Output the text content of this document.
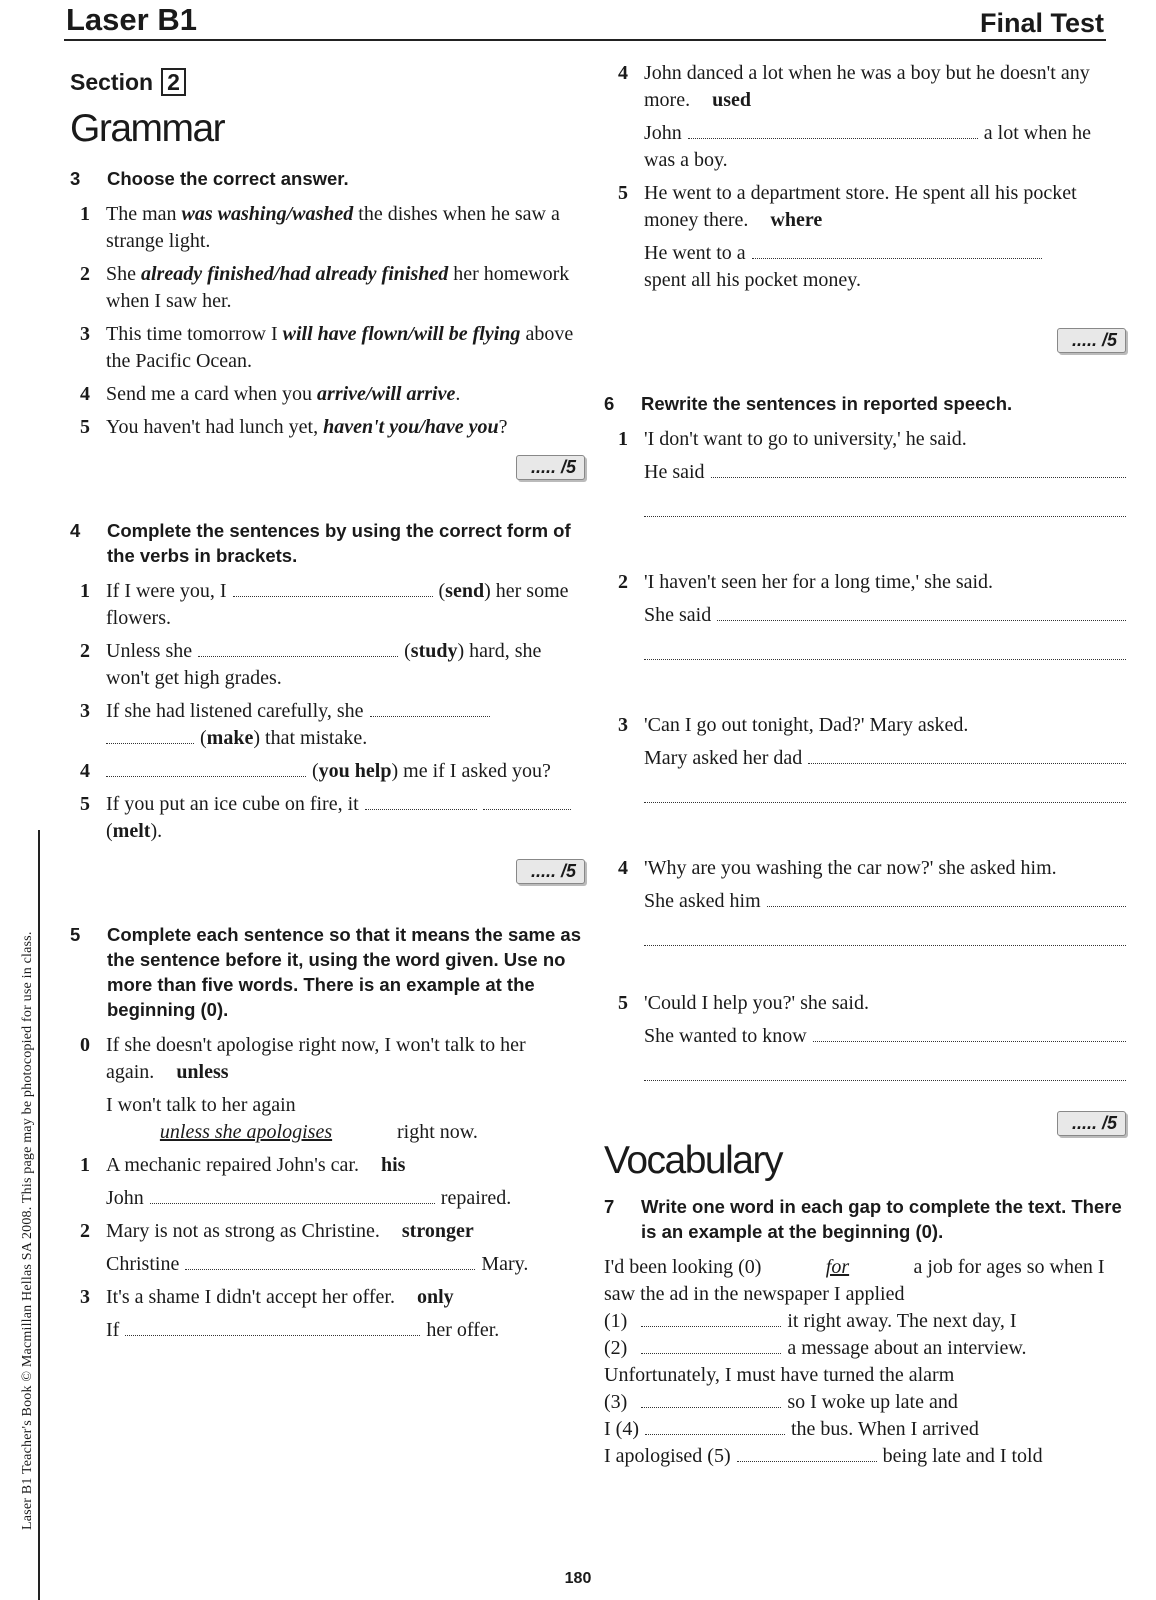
Laser B1	Final Test
Laser B1 Teacher's Book © Macmillan Hellas SA 2008. This page may be photocopied for use in class.
Section 2
Grammar
3	Choose the correct answer.
1 The man was washing/washed the dishes when he saw a strange light.
2 She already finished/had already finished her homework when I saw her.
3 This time tomorrow I will have flown/will be flying above the Pacific Ocean.
4 Send me a card when you arrive/will arrive.
5 You haven't had lunch yet, haven't you/have you?
..... /5
4	Complete the sentences by using the correct form of the verbs in brackets.
1 If I were you, I	(send) her some flowers.
2 Unless she	(study) hard, she won't get high grades.
3 If she had listened carefully, she(make) that mistake.
4	(you help) me if I asked you?
5 If you put an ice cube on fire, it(melt).
..... /5
5	Complete each sentence so that it means the same as the sentence before it, using the word given. Use no more than five words. There is an example at the beginning (0).
0 If she doesn't apologise right now, I won't talk to her again. unless
I won't talk to her again
unless she apologises	right now.
1 A mechanic repaired John's car. his
John	repaired.
2 Mary is not as strong as Christine. stronger
Christine	Mary.
3 It's a shame I didn't accept her offer. only
If	her offer.
4 John danced a lot when he was a boy but he doesn't any more. used
John	a lot when he was a boy.
5 He went to a department store. He spent all his pocket money there. where
He went to a
spent all his pocket money.
..... /5
6	Rewrite the sentences in reported speech.
1 'I don't want to go to university,' he said.
He said
2 'I haven't seen her for a long time,' she said.
She said
3 'Can I go out tonight, Dad?' Mary asked.
Mary asked her dad
4 'Why are you washing the car now?' she asked him.
She asked him
5 'Could I help you?' she said.
She wanted to know
..... /5
Vocabulary
7	Write one word in each gap to complete the text. There is an example at the beginning (0).
I'd been looking (0)	for	a job for ages so when I saw the ad in the newspaper I applied
(1)	it right away. The next day, I
(2)	a message about an interview. Unfortunately, I must have turned the alarm
(3)	so I woke up late and
I (4)	the bus. When I arrived
I apologised (5)	being late and I told
180
